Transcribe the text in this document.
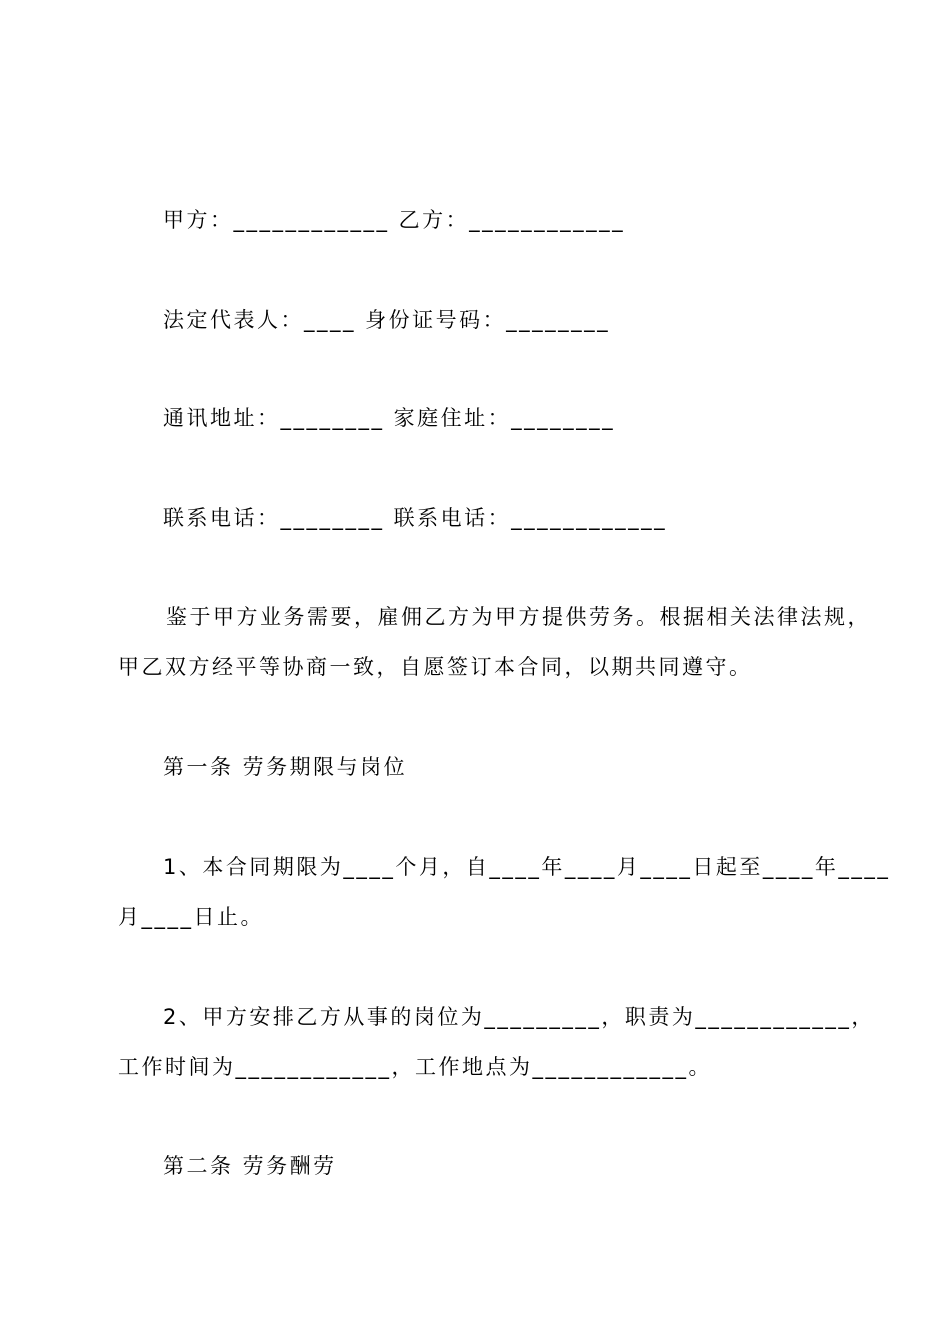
甲方：____________ 乙方：____________
法定代表人：____ 身份证号码：________
通讯地址：________ 家庭住址：________
联系电话：________ 联系电话：____________
鉴于甲方业务需要，雇佣乙方为甲方提供劳务。根据相关法律法规，
甲乙双方经平等协商一致，自愿签订本合同，以期共同遵守。
第一条 劳务期限与岗位
1、本合同期限为____个月，自____年____月____日起至____年____
月____日止。
2、甲方安排乙方从事的岗位为_________，职责为____________，
工作时间为____________，工作地点为____________。
第二条 劳务酬劳
